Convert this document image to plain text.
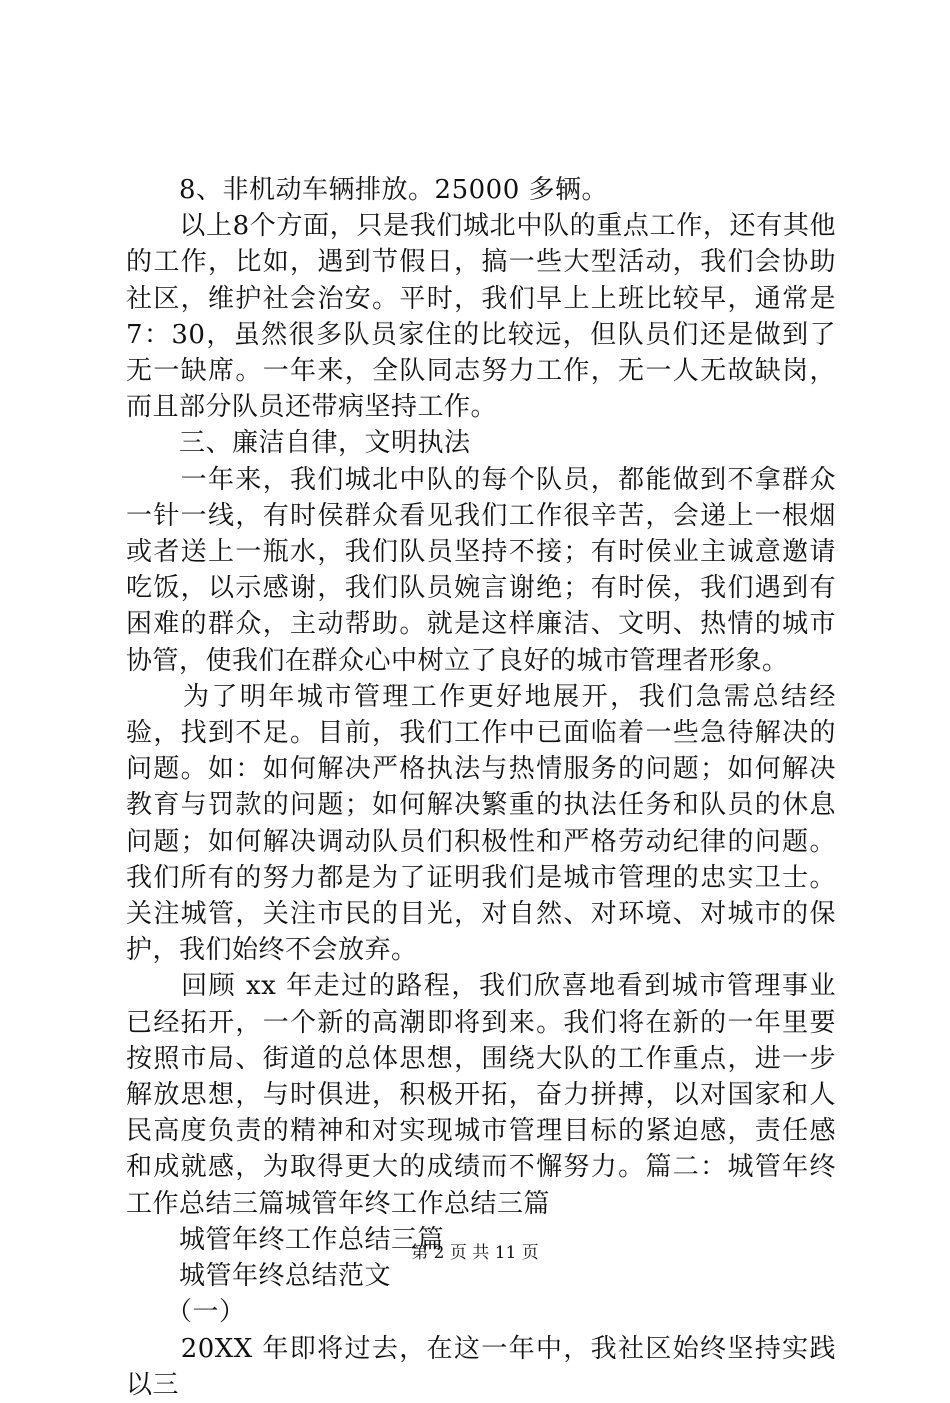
　　8、非机动车辆排放。25000 多辆。

　　以上8个方面，只是我们城北中队的重点工作，还有其他的工作，比如，遇到节假日，搞一些大型活动，我们会协助社区，维护社会治安。平时，我们早上上班比较早，通常是 7：30，虽然很多队员家住的比较远，但队员们还是做到了无一缺席。一年来，全队同志努力工作，无一人无故缺岗，而且部分队员还带病坚持工作。

　　三、廉洁自律，文明执法

　　一年来，我们城北中队的每个队员，都能做到不拿群众一针一线，有时侯群众看见我们工作很辛苦，会递上一根烟或者送上一瓶水，我们队员坚持不接；有时侯业主诚意邀请吃饭，以示感谢，我们队员婉言谢绝；有时侯，我们遇到有困难的群众，主动帮助。就是这样廉洁、文明、热情的城市协管，使我们在群众心中树立了良好的城市管理者形象。

　　为了明年城市管理工作更好地展开，我们急需总结经验，找到不足。目前，我们工作中已面临着一些急待解决的问题。如：如何解决严格执法与热情服务的问题；如何解决教育与罚款的问题；如何解决繁重的执法任务和队员的休息问题；如何解决调动队员们积极性和严格劳动纪律的问题。我们所有的努力都是为了证明我们是城市管理的忠实卫士。关注城管，关注市民的目光，对自然、对环境、对城市的保护，我们始终不会放弃。

　　回顾 xx 年走过的路程，我们欣喜地看到城市管理事业已经拓开，一个新的高潮即将到来。我们将在新的一年里要按照市局、街道的总体思想，围绕大队的工作重点，进一步解放思想，与时俱进，积极开拓，奋力拼搏，以对国家和人民高度负责的精神和对实现城市管理目标的紧迫感，责任感和成就感，为取得更大的成绩而不懈努力。篇二：城管年终工作总结三篇城管年终工作总结三篇

　　城管年终工作总结三篇

　　城管年终总结范文

　　（一）

　　20XX 年即将过去，在这一年中，我社区始终坚持实践以三

第 2 页 共 11 页
